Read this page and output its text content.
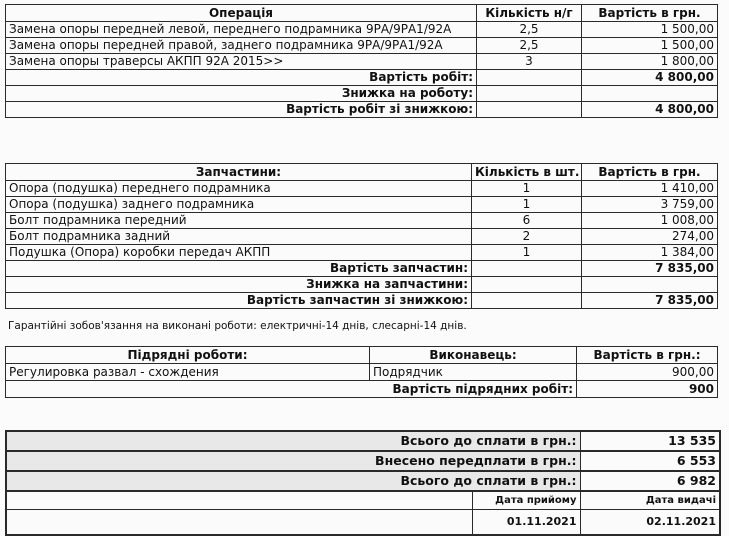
Операція	Кількість н/г	Вартість в грн.
Замена опоры передней левой, переднего подрамника 9РА/9РА1/92А	2,5	1 500,00
Замена опоры передней правой, заднего подрамника 9РА/9РА1/92А	2,5	1 500,00
Замена опоры траверсы АКПП 92А 2015>>	3	1 800,00
Вартість робіт:		4 800,00
Знижка на роботу:		
Вартість робіт зі знижкою:		4 800,00
Запчастини:	Кількість в шт.	Вартість в грн.
Опора (подушка) переднего подрамника	1	1 410,00
Опора (подушка) заднего подрамника	1	3 759,00
Болт подрамника передний	6	1 008,00
Болт подрамника задний	2	274,00
Подушка (Опора) коробки передач АКПП	1	1 384,00
Вартість запчастин:		7 835,00
Знижка на запчастини:		
Вартість запчастин зі знижкою:		7 835,00
Гарантійні зобов'язання на виконані роботи: електричні-14 днів, слесарні-14 днів.
Підрядні роботи:	Виконавець:	Вартість в грн.:
Регулировка развал - схождения	Подрядчик	900,00
Вартість підрядних робіт:		900
Всього до сплати в грн.:		13 535
Внесено передплати в грн.:		6 553
Всього до сплати в грн.:		6 982
	Дата прийому	Дата видачі
	01.11.2021	02.11.2021
